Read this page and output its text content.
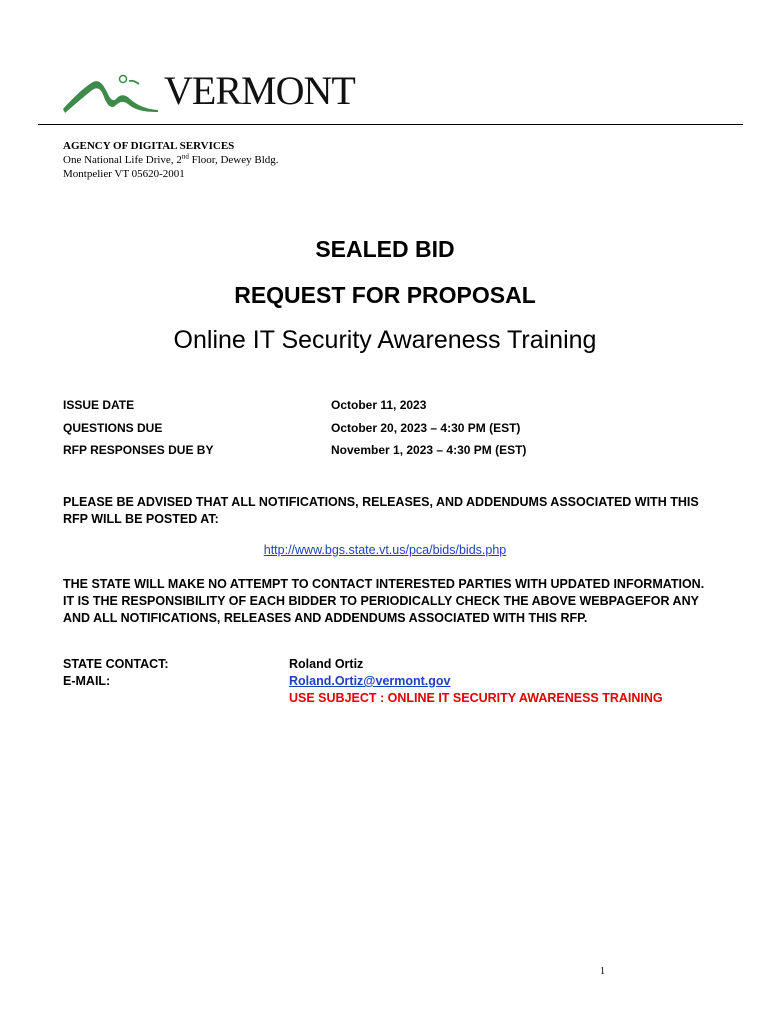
VERMONT
AGENCY OF DIGITAL SERVICES
One National Life Drive, 2nd Floor, Dewey Bldg.
Montpelier VT 05620-2001
SEALED BID
REQUEST FOR PROPOSAL
Online IT Security Awareness Training
ISSUE DATE	October 11, 2023
QUESTIONS DUE	October 20, 2023 – 4:30 PM (EST)
RFP RESPONSES DUE BY	November 1, 2023 – 4:30 PM (EST)
PLEASE BE ADVISED THAT ALL NOTIFICATIONS, RELEASES, AND ADDENDUMS ASSOCIATED WITH THIS RFP WILL BE POSTED AT:
http://www.bgs.state.vt.us/pca/bids/bids.php
THE STATE WILL MAKE NO ATTEMPT TO CONTACT INTERESTED PARTIES WITH UPDATED INFORMATION. IT IS THE RESPONSIBILITY OF EACH BIDDER TO PERIODICALLY CHECK THE ABOVE WEBPAGEFOR ANY AND ALL NOTIFICATIONS, RELEASES AND ADDENDUMS ASSOCIATED WITH THIS RFP.
STATE CONTACT:	Roland Ortiz
E-MAIL:	Roland.Ortiz@vermont.gov
USE SUBJECT : ONLINE IT SECURITY AWARENESS TRAINING
1
